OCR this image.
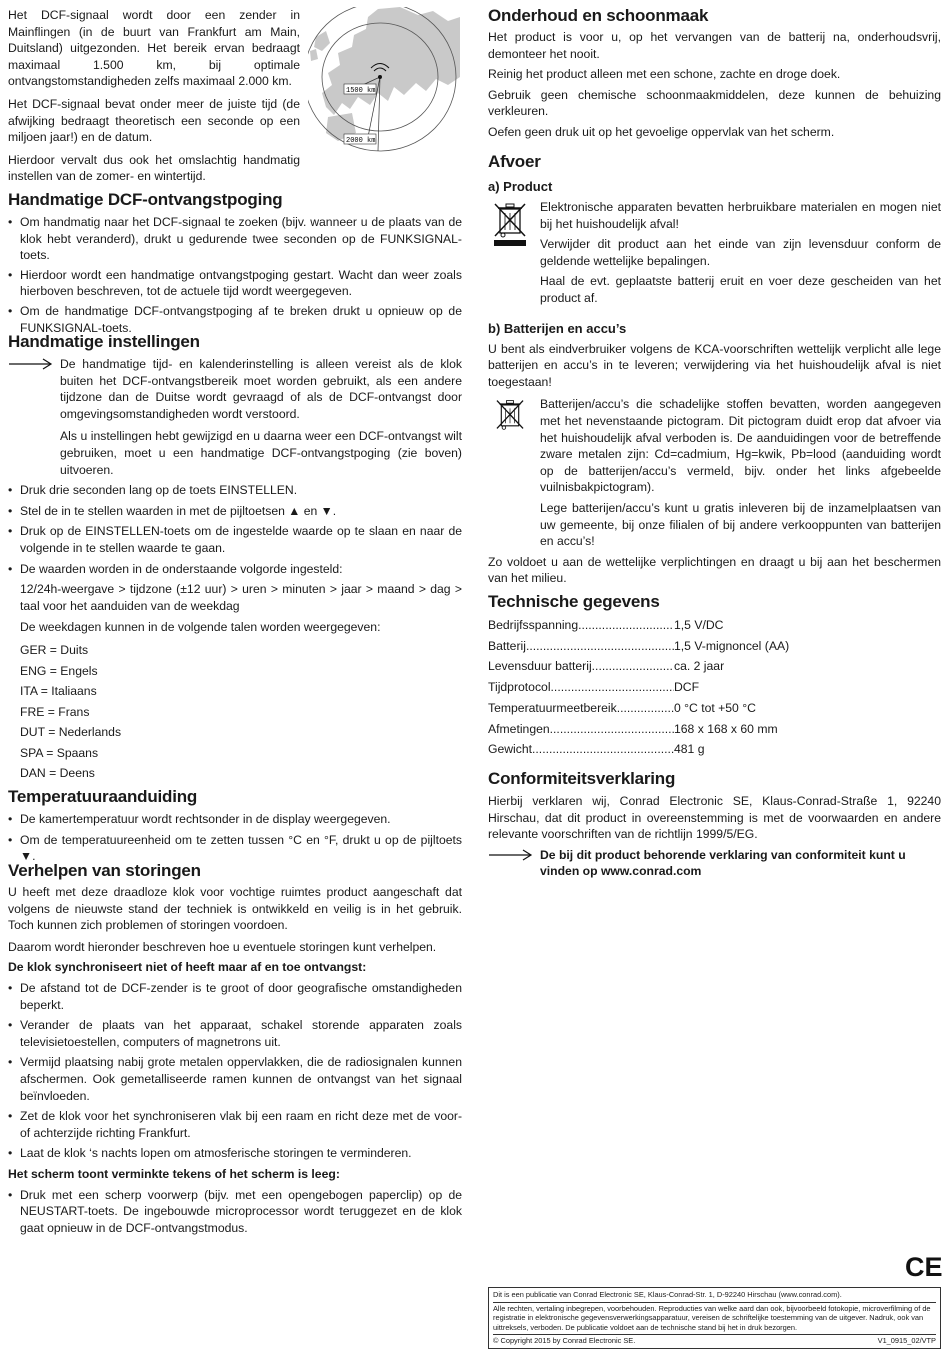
Het DCF-signaal wordt door een zender in Mainflingen (in de buurt van Frankfurt am Main, Duitsland) uitgezonden. Het bereik ervan bedraagt maximaal 1.500 km, bij optimale ontvangstomstandigheden zelfs maximaal 2.000 km.

Het DCF-signaal bevat onder meer de juiste tijd (de afwijking bedraagt theoretisch een seconde op een miljoen jaar!) en de datum.

Hierdoor vervalt dus ook het omslachtig handmatig instellen van de zomer- en wintertijd.

1500 km
2000 km
Handmatige DCF-ontvangstpoging
• Om handmatig naar het DCF-signaal te zoeken (bijv. wanneer u de plaats van de klok hebt veranderd), drukt u gedurende twee seconden op de FUNKSIGNAL-toets.
• Hierdoor wordt een handmatige ontvangstpoging gestart. Wacht dan weer zoals hierboven beschreven, tot de actuele tijd wordt weergegeven.
• Om de handmatige DCF-ontvangstpoging af te breken drukt u opnieuw op de FUNKSIGNAL-toets.
Handmatige instellingen

De handmatige tijd- en kalenderinstelling is alleen vereist als de klok buiten het DCF-ontvangstbereik moet worden gebruikt, als een andere tijdzone dan de Duitse wordt gevraagd of als de DCF-ontvangst door omgevingsomstandigheden wordt verstoord.

Als u instellingen hebt gewijzigd en u daarna weer een DCF-ontvangst wilt gebruiken, moet u een handmatige DCF-ontvangstpoging (zie boven) uitvoeren.

• Druk drie seconden lang op de toets EINSTELLEN.
• Stel de in te stellen waarden in met de pijltoetsen ▲ en ▼.
• Druk op de EINSTELLEN-toets om de ingestelde waarde op te slaan en naar de volgende in te stellen waarde te gaan.
• De waarden worden in de onderstaande volgorde ingesteld:

12/24h-weergave > tijdzone (±12 uur) > uren > minuten > jaar > maand > dag > taal voor het aanduiden van de weekdag

De weekdagen kunnen in de volgende talen worden weergegeven:

GER = Duits

ENG = Engels

ITA = Italiaans

FRE = Frans

DUT = Nederlands

SPA = Spaans

DAN = Deens

Temperatuuraanduiding
• De kamertemperatuur wordt rechtsonder in de display weergegeven.
• Om de temperatuureenheid om te zetten tussen °C en °F, drukt u op de pijltoets ▼.
Verhelpen van storingen

U heeft met deze draadloze klok voor vochtige ruimtes product aangeschaft dat volgens de nieuwste stand der techniek is ontwikkeld en veilig is in het gebruik. Toch kunnen zich problemen of storingen voordoen.

Daarom wordt hieronder beschreven hoe u eventuele storingen kunt verhelpen.

De klok synchroniseert niet of heeft maar af en toe ontvangst:

• De afstand tot de DCF-zender is te groot of door geografische omstandigheden beperkt.
• Verander de plaats van het apparaat, schakel storende apparaten zoals televisietoestellen, computers of magnetrons uit.
• Vermijd plaatsing nabij grote metalen oppervlakken, die de radiosignalen kunnen afschermen. Ook gemetalliseerde ramen kunnen de ontvangst van het signaal beïnvloeden.
• Zet de klok voor het synchroniseren vlak bij een raam en richt deze met de voor- of achterzijde richting Frankfurt.
• Laat de klok ‘s nachts lopen om atmosferische storingen te verminderen.

Het scherm toont verminkte tekens of het scherm is leeg:

• Druk met een scherp voorwerp (bijv. met een opengebogen paperclip) op de NEUSTART-toets. De ingebouwde microprocessor wordt teruggezet en de klok gaat opnieuw in de DCF-ontvangstmodus.
Onderhoud en schoonmaak

Het product is voor u, op het vervangen van de batterij na, onderhoudsvrij, demonteer het nooit.

Reinig het product alleen met een schone, zachte en droge doek.

Gebruik geen chemische schoonmaakmiddelen, deze kunnen de behuizing verkleuren.

Oefen geen druk uit op het gevoelige oppervlak van het scherm.

Afvoer
a) Product

Elektronische apparaten bevatten herbruikbare materialen en mogen niet bij het huishoudelijk afval!

Verwijder dit product aan het einde van zijn levensduur conform de geldende wettelijke bepalingen.

Haal de evt. geplaatste batterij eruit en voer deze gescheiden van het product af.

b) Batterijen en accu’s

U bent als eindverbruiker volgens de KCA-voorschriften wettelijk verplicht alle lege batterijen en accu’s in te leveren; verwijdering via het huishoudelijk afval is niet toegestaan!

Batterijen/accu’s die schadelijke stoffen bevatten, worden aangegeven met het nevenstaande pictogram. Dit pictogram duidt erop dat afvoer via het huishoudelijk afval verboden is. De aanduidingen voor de betreffende zware metalen zijn: Cd=cadmium, Hg=kwik, Pb=lood (aanduiding wordt op de batterijen/accu’s vermeld, bijv. onder het links afgebeelde vuilnisbakpictogram).

Lege batterijen/accu’s kunt u gratis inleveren bij de inzamelplaatsen van uw gemeente, bij onze filialen of bij andere verkooppunten van batterijen en accu’s!

Zo voldoet u aan de wettelijke verplichtingen en draagt u bij aan het beschermen van het milieu.

Technische gegevens
Bedrijfsspanning .....	1,5 V/DC
Batterij .....	1,5 V-mignoncel (AA)
Levensduur batterij .....	ca. 2 jaar
Tijdprotocol .....	DCF
Temperatuurmeetbereik .....	0 °C tot +50 °C
Afmetingen .....	168 x 168 x 60 mm
Gewicht .....	481 g
Conformiteitsverklaring

Hierbij verklaren wij, Conrad Electronic SE, Klaus-Conrad-Straße 1, 92240 Hirschau, dat dit product in overeenstemming is met de voorwaarden en andere relevante voorschriften van de richtlijn 1999/5/EG.

De bij dit product behorende verklaring van conformiteit kunt u vinden op www.conrad.com

CE

Dit is een publicatie van Conrad Electronic SE, Klaus-Conrad-Str. 1, D-92240 Hirschau (www.conrad.com).

Alle rechten, vertaling inbegrepen, voorbehouden. Reproducties van welke aard dan ook, bijvoorbeeld fotokopie, microverfilming of de registratie in elektronische gegevensverwerkingsapparatuur, vereisen de schriftelijke toestemming van de uitgever. Nadruk, ook van uittreksels, verboden. De publicatie voldoet aan de technische stand bij het in druk bezorgen.

© Copyright 2015 by Conrad Electronic SE.	V1_0915_02/VTP
